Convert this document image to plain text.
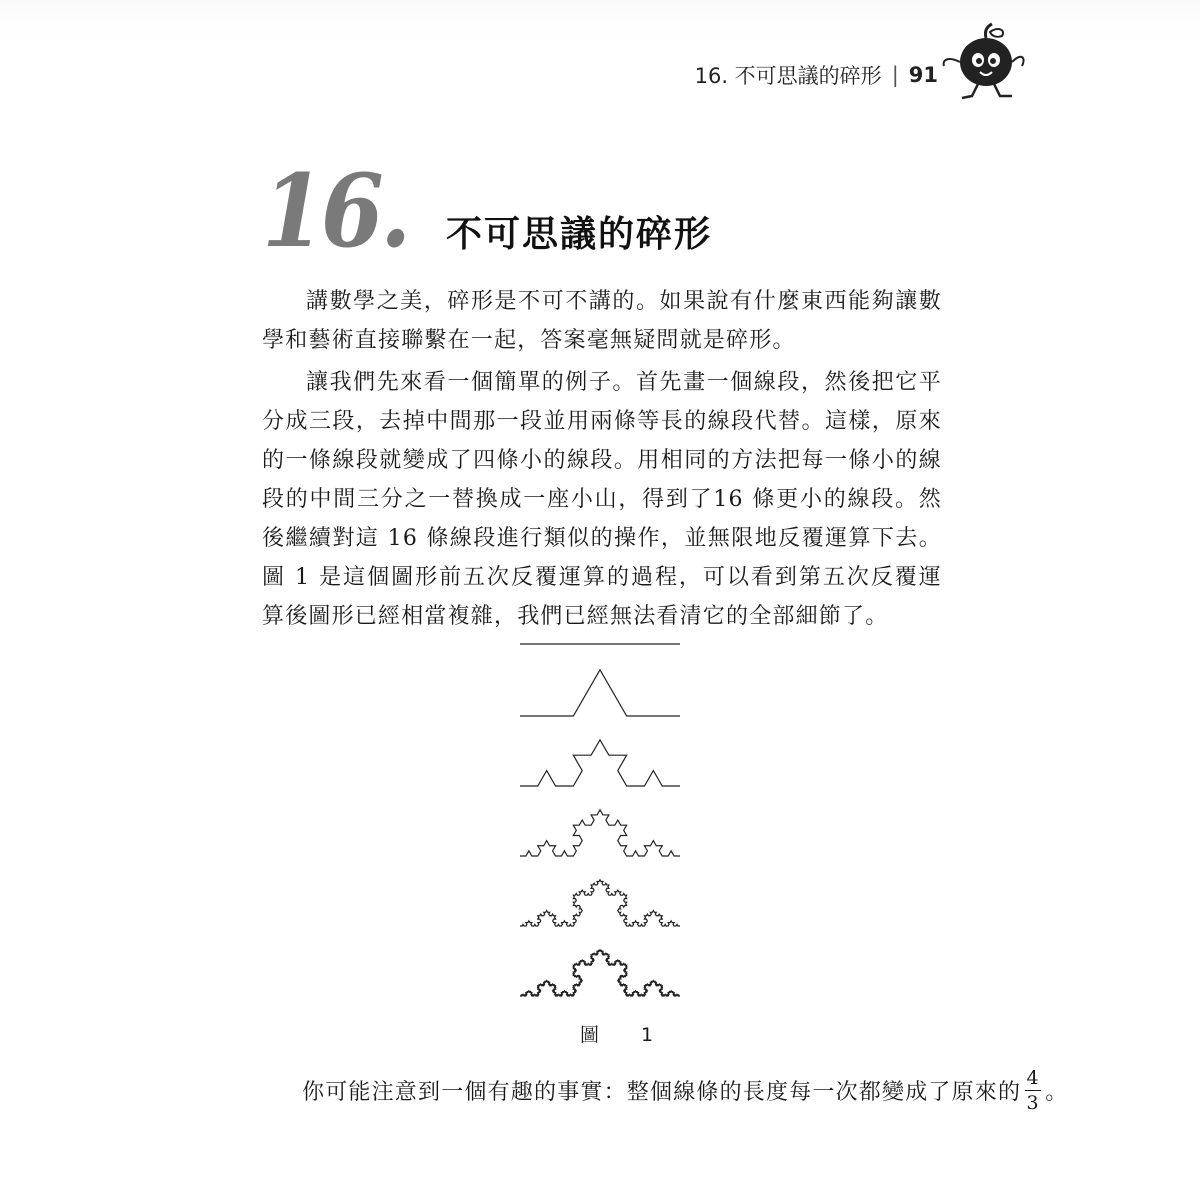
16. 不可思議的碎形 | 91
16. 不可思議的碎形

講數學之美，碎形是不可不講的。如果說有什麼東西能夠讓數學和藝術直接聯繫在一起，答案毫無疑問就是碎形。

讓我們先來看一個簡單的例子。首先畫一個線段，然後把它平分成三段，去掉中間那一段並用兩條等長的線段代替。這樣，原來的一條線段就變成了四條小的線段。用相同的方法把每一條小的線段的中間三分之一替換成一座小山，得到了16 條更小的線段。然後繼續對這 16 條線段進行類似的操作，並無限地反覆運算下去。圖 1 是這個圖形前五次反覆運算的過程，可以看到第五次反覆運算後圖形已經相當複雜，我們已經無法看清它的全部細節了。

圖 1
你可能注意到一個有趣的事實：整個線條的長度每一次都變成了原來的 $\frac{4}{3}$ 。
